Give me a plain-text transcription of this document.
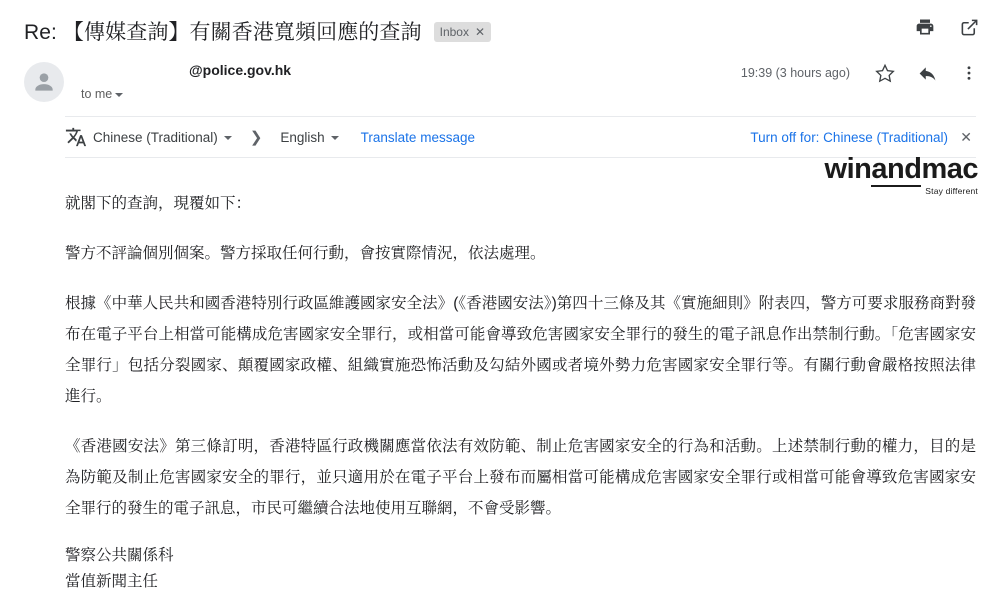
Re: 【傳媒查詢】有關香港寬頻回應的查詢 Inbox ✕
@police.gov.hk
to me
19:39 (3 hours ago)
Chinese (Traditional) ❯ English	Translate message	Turn off for: Chinese (Traditional) ✕
winandmac
Stay different

就閣下的查詢，現覆如下：

警方不評論個別個案。警方採取任何行動，會按實際情況，依法處理。

根據《中華人民共和國香港特別行政區維護國家安全法》(《香港國安法》)第四十三條及其《實施細則》附表四，警方可要求服務商對發布在電子平台上相當可能構成危害國家安全罪行，或相當可能會導致危害國家安全罪行的發生的電子訊息作出禁制行動。「危害國家安全罪行」包括分裂國家、顛覆國家政權、組織實施恐怖活動及勾結外國或者境外勢力危害國家安全罪行等。有關行動會嚴格按照法律進行。

《香港國安法》第三條訂明，香港特區行政機關應當依法有效防範、制止危害國家安全的行為和活動。上述禁制行動的權力，目的是為防範及制止危害國家安全的罪行，並只適用於在電子平台上發布而屬相當可能構成危害國家安全罪行或相當可能會導致危害國家安全罪行的發生的電子訊息，市民可繼續合法地使用互聯網，不會受影響。

警察公共關係科

當值新聞主任
